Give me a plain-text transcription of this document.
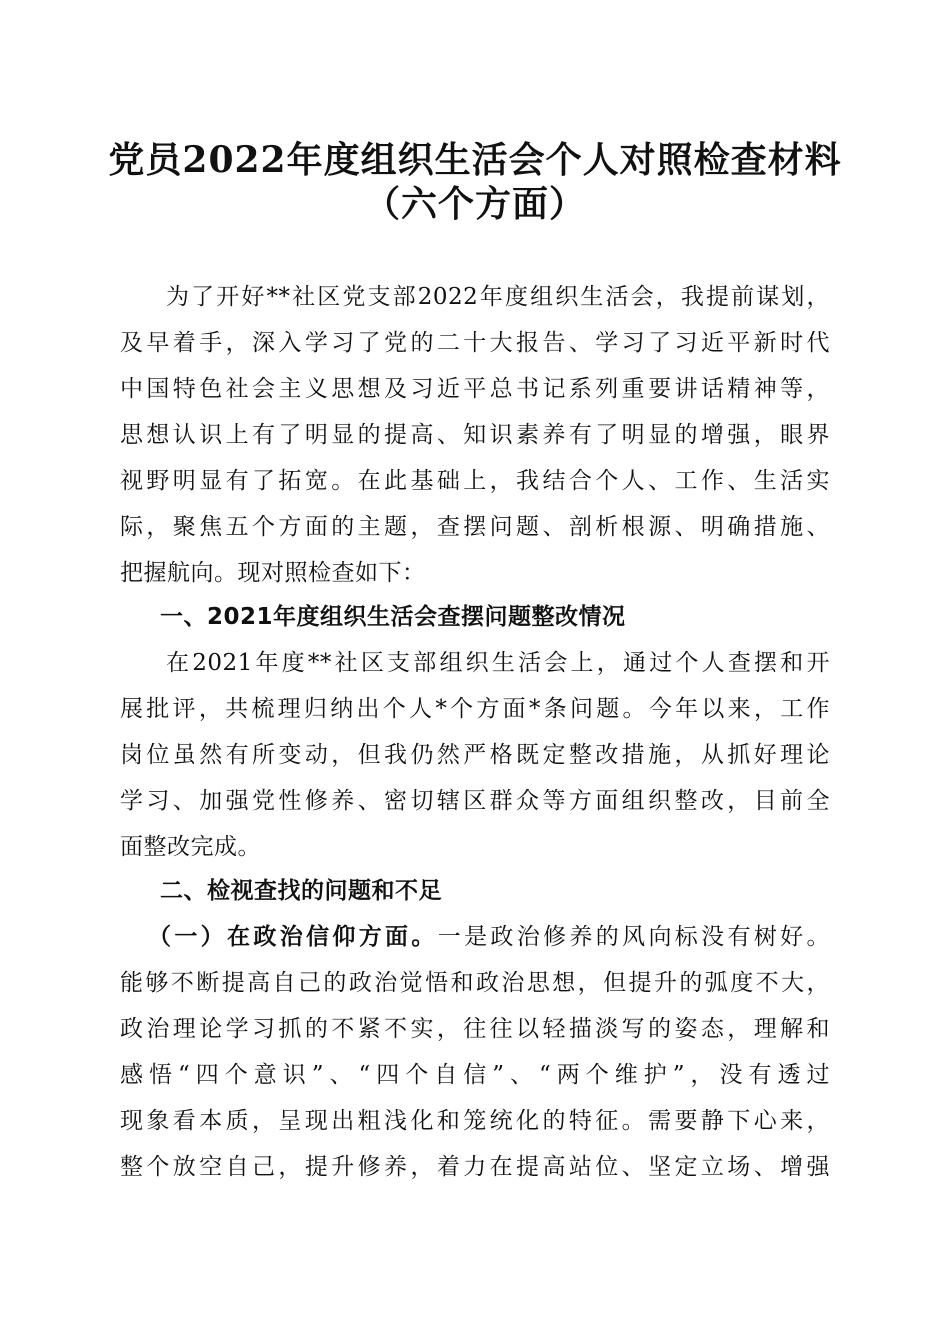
党员2022年度组织生活会个人对照检查材料
（六个方面）
为了开好**社区党支部2022年度组织生活会，我提前谋划，
及早着手，深入学习了党的二十大报告、学习了习近平新时代
中国特色社会主义思想及习近平总书记系列重要讲话精神等，
思想认识上有了明显的提高、知识素养有了明显的增强，眼界
视野明显有了拓宽。在此基础上，我结合个人、工作、生活实
际，聚焦五个方面的主题，查摆问题、剖析根源、明确措施、
把握航向。现对照检查如下：
一、2021年度组织生活会查摆问题整改情况
在2021年度**社区支部组织生活会上，通过个人查摆和开
展批评，共梳理归纳出个人*个方面*条问题。今年以来，工作
岗位虽然有所变动，但我仍然严格既定整改措施，从抓好理论
学习、加强党性修养、密切辖区群众等方面组织整改，目前全
面整改完成。
二、检视查找的问题和不足
（一）在政治信仰方面。一是政治修养的风向标没有树好。
能够不断提高自己的政治觉悟和政治思想，但提升的弧度不大，
政治理论学习抓的不紧不实，往往以轻描淡写的姿态，理解和
感悟“四个意识”、“四个自信”、“两个维护”，没有透过
现象看本质，呈现出粗浅化和笼统化的特征。需要静下心来，
整个放空自己，提升修养，着力在提高站位、坚定立场、增强
